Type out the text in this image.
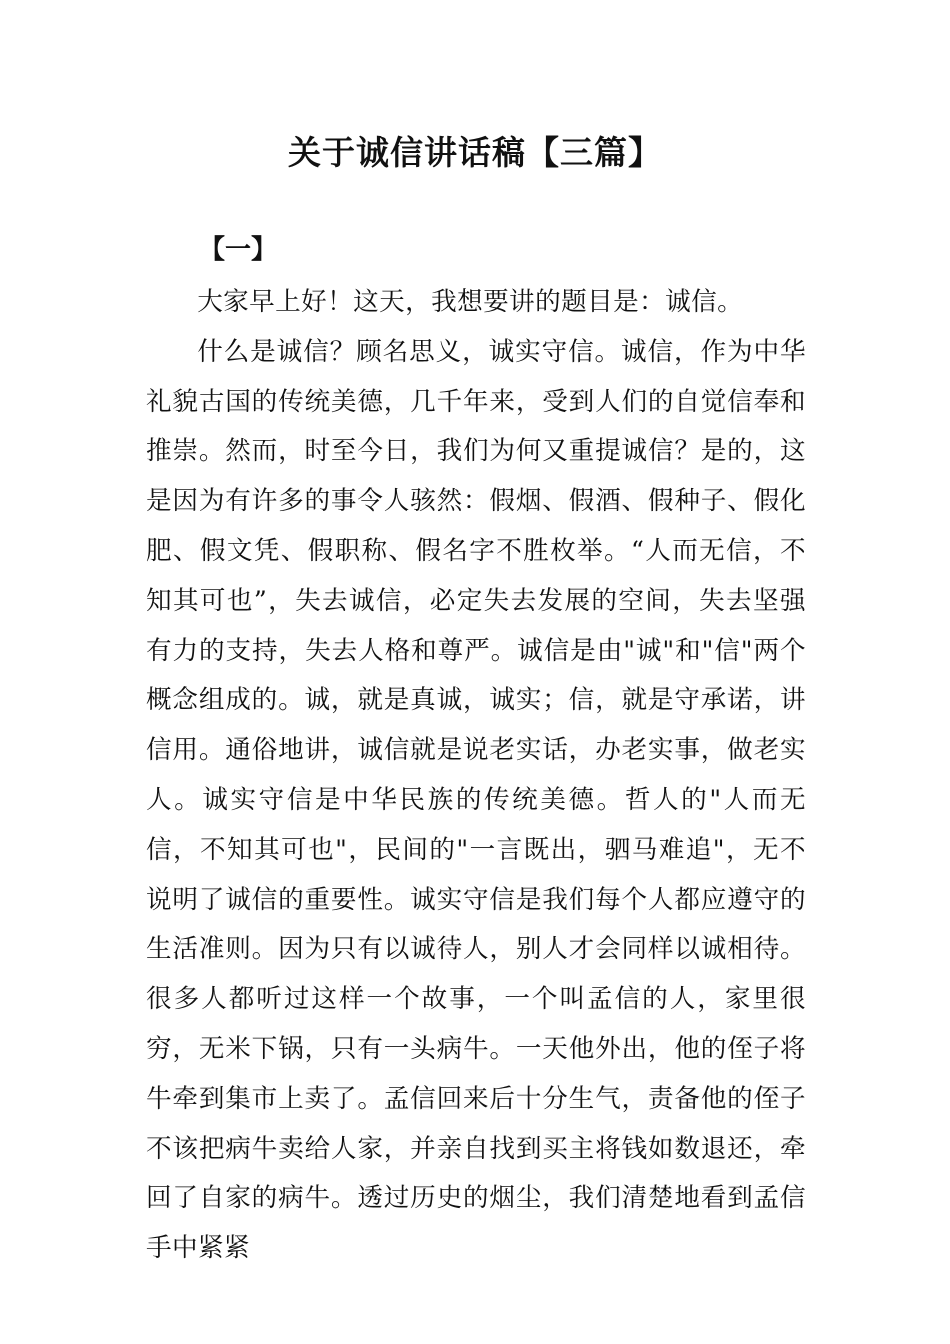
关于诚信讲话稿【三篇】
【一】

大家早上好！这天，我想要讲的题目是：诚信。

什么是诚信？顾名思义，诚实守信。诚信，作为中华礼貌古国的传统美德，几千年来，受到人们的自觉信奉和推崇。然而，时至今日，我们为何又重提诚信？是的，这是因为有许多的事令人骇然：假烟、假酒、假种子、假化肥、假文凭、假职称、假名字不胜枚举。“人而无信，不知其可也”，失去诚信，必定失去发展的空间，失去坚强有力的支持，失去人格和尊严。诚信是由"诚"和"信"两个概念组成的。诚，就是真诚，诚实；信，就是守承诺，讲信用。通俗地讲，诚信就是说老实话，办老实事，做老实人。诚实守信是中华民族的传统美德。哲人的"人而无信，不知其可也"，民间的"一言既出，驷马难追"，无不说明了诚信的重要性。诚实守信是我们每个人都应遵守的生活准则。因为只有以诚待人，别人才会同样以诚相待。很多人都听过这样一个故事，一个叫孟信的人，家里很穷，无米下锅，只有一头病牛。一天他外出，他的侄子将牛牵到集市上卖了。孟信回来后十分生气，责备他的侄子不该把病牛卖给人家，并亲自找到买主将钱如数退还，牵回了自家的病牛。透过历史的烟尘，我们清楚地看到孟信手中紧紧
